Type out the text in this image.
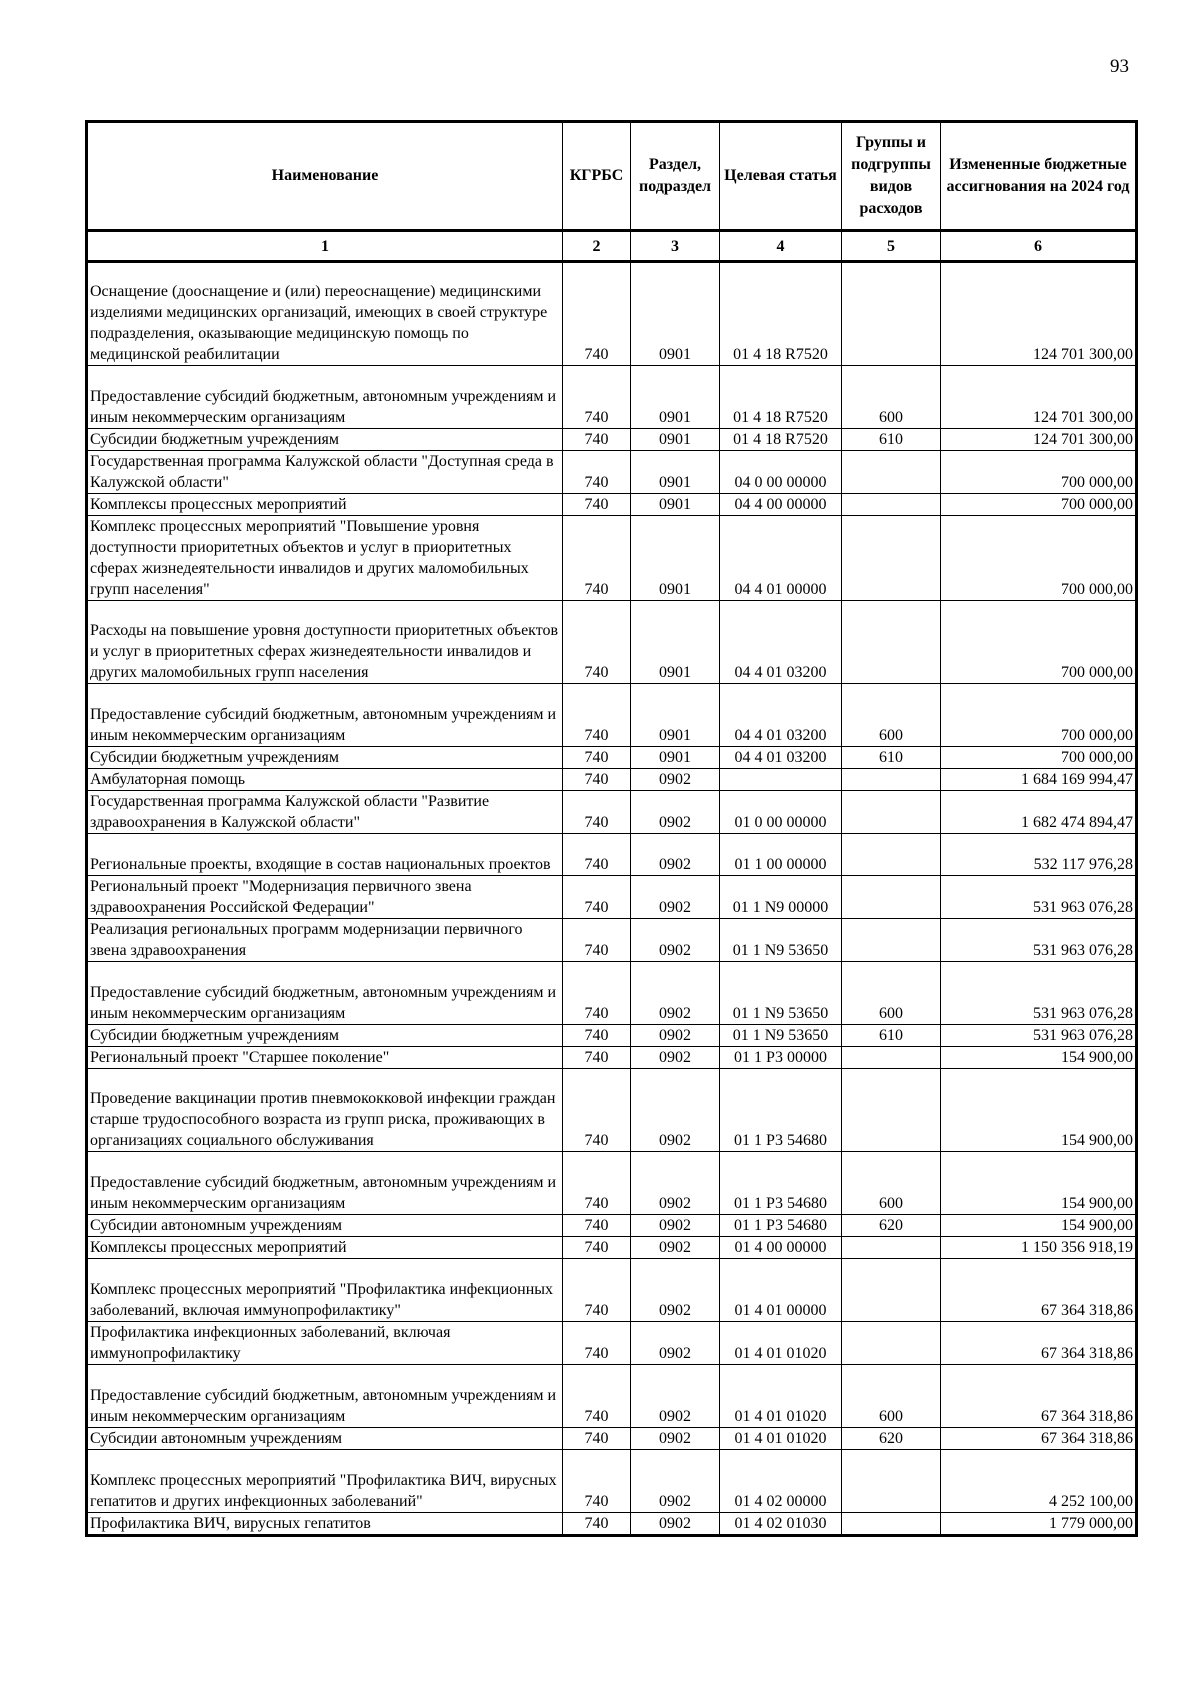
93
Наименование	КГРБС	Раздел, подраздел	Целевая статья	Группы и подгруппы видов расходов	Измененные бюджетные ассигнования на 2024 год
1	2	3	4	5	6
Оснащение (дооснащение и (или) переоснащение) медицинскими изделиями медицинских организаций, имеющих в своей структуре подразделения, оказывающие медицинскую помощь по медицинской реабилитации	740	0901	01 4 18 R7520		124 701 300,00
Предоставление субсидий бюджетным, автономным учреждениям и иным некоммерческим организациям	740	0901	01 4 18 R7520	600	124 701 300,00
Субсидии бюджетным учреждениям	740	0901	01 4 18 R7520	610	124 701 300,00
Государственная программа Калужской области "Доступная среда в Калужской области"	740	0901	04 0 00 00000		700 000,00
Комплексы процессных мероприятий	740	0901	04 4 00 00000		700 000,00
Комплекс процессных мероприятий "Повышение уровня доступности приоритетных объектов и услуг в приоритетных сферах жизнедеятельности инвалидов и других маломобильных групп населения"	740	0901	04 4 01 00000		700 000,00
Расходы на повышение уровня доступности приоритетных объектов и услуг в приоритетных сферах жизнедеятельности инвалидов и других маломобильных групп населения	740	0901	04 4 01 03200		700 000,00
Предоставление субсидий бюджетным, автономным учреждениям и иным некоммерческим организациям	740	0901	04 4 01 03200	600	700 000,00
Субсидии бюджетным учреждениям	740	0901	04 4 01 03200	610	700 000,00
Амбулаторная помощь	740	0902			1 684 169 994,47
Государственная программа Калужской области "Развитие здравоохранения в Калужской области"	740	0902	01 0 00 00000		1 682 474 894,47
Региональные проекты, входящие в состав национальных проектов	740	0902	01 1 00 00000		532 117 976,28
Региональный проект "Модернизация первичного звена здравоохранения Российской Федерации"	740	0902	01 1 N9 00000		531 963 076,28
Реализация региональных программ модернизации первичного звена здравоохранения	740	0902	01 1 N9 53650		531 963 076,28
Предоставление субсидий бюджетным, автономным учреждениям и иным некоммерческим организациям	740	0902	01 1 N9 53650	600	531 963 076,28
Субсидии бюджетным учреждениям	740	0902	01 1 N9 53650	610	531 963 076,28
Региональный проект "Старшее поколение"	740	0902	01 1 P3 00000		154 900,00
Проведение вакцинации против пневмококковой инфекции граждан старше трудоспособного возраста из групп риска, проживающих в организациях социального обслуживания	740	0902	01 1 P3 54680		154 900,00
Предоставление субсидий бюджетным, автономным учреждениям и иным некоммерческим организациям	740	0902	01 1 P3 54680	600	154 900,00
Субсидии автономным учреждениям	740	0902	01 1 P3 54680	620	154 900,00
Комплексы процессных мероприятий	740	0902	01 4 00 00000		1 150 356 918,19
Комплекс процессных мероприятий "Профилактика инфекционных заболеваний, включая иммунопрофилактику"	740	0902	01 4 01 00000		67 364 318,86
Профилактика инфекционных заболеваний, включая иммунопрофилактику	740	0902	01 4 01 01020		67 364 318,86
Предоставление субсидий бюджетным, автономным учреждениям и иным некоммерческим организациям	740	0902	01 4 01 01020	600	67 364 318,86
Субсидии автономным учреждениям	740	0902	01 4 01 01020	620	67 364 318,86
Комплекс процессных мероприятий "Профилактика ВИЧ, вирусных гепатитов и других инфекционных заболеваний"	740	0902	01 4 02 00000		4 252 100,00
Профилактика ВИЧ, вирусных гепатитов	740	0902	01 4 02 01030		1 779 000,00
